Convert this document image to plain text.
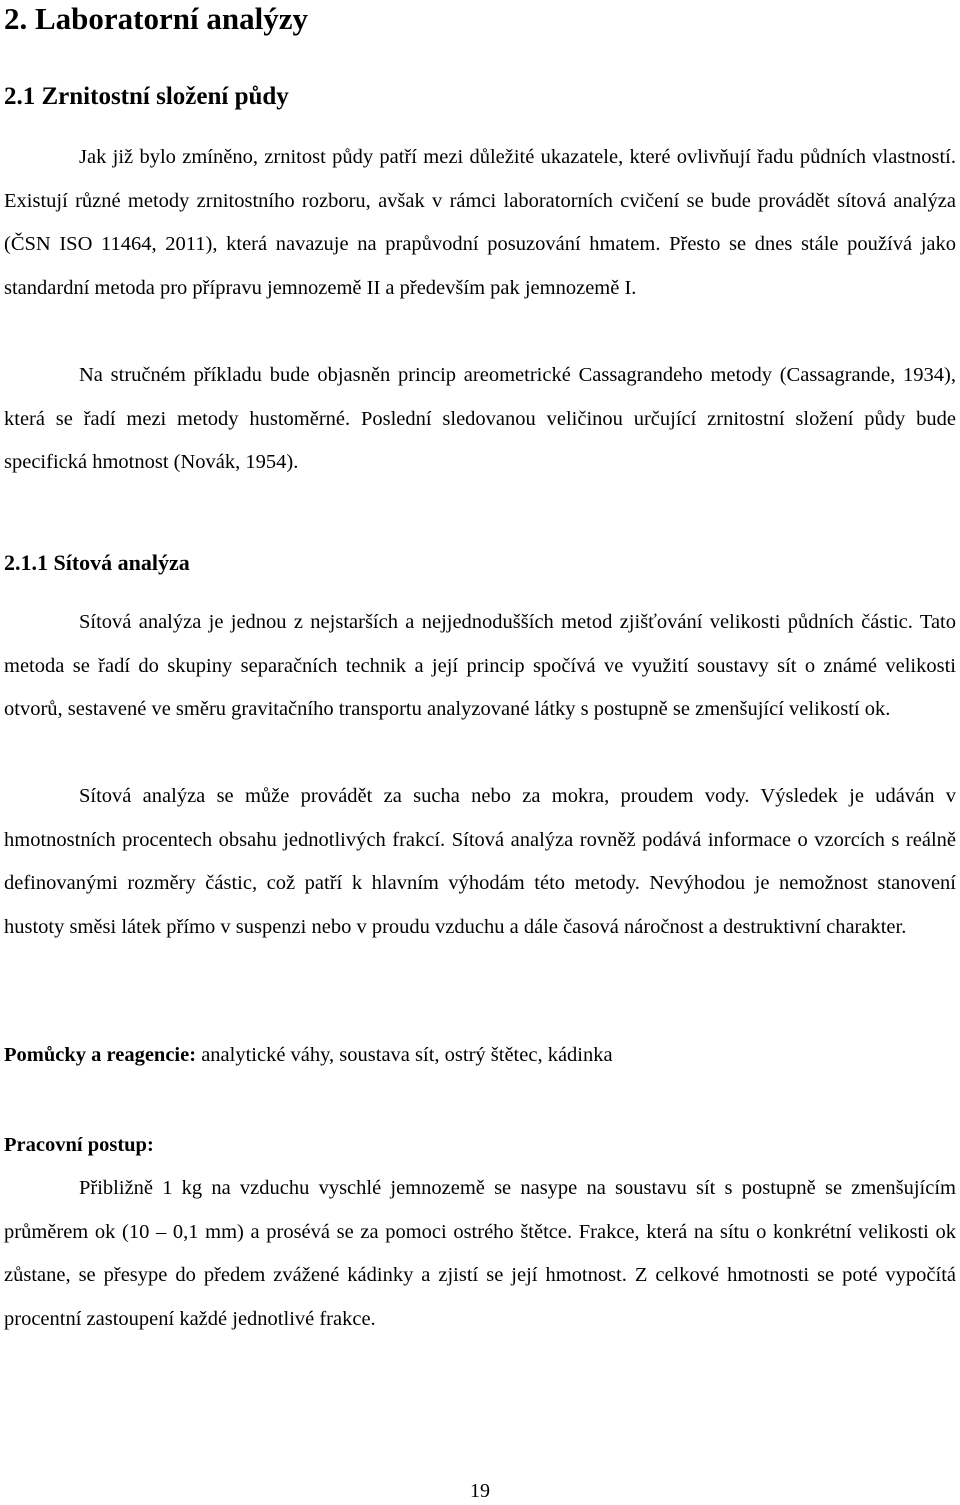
2. Laboratorní analýzy
2.1 Zrnitostní složení půdy

Jak již bylo zmíněno, zrnitost půdy patří mezi důležité ukazatele, které ovlivňují řadu půdních vlastností. Existují různé metody zrnitostního rozboru, avšak v rámci laboratorních cvičení se bude provádět sítová analýza (ČSN ISO 11464, 2011), která navazuje na prapůvodní posuzování hmatem. Přesto se dnes stále používá jako standardní metoda pro přípravu jemnozemě II a především pak jemnozemě I.

Na stručném příkladu bude objasněn princip areometrické Cassagrandeho metody (Cassagrande, 1934), která se řadí mezi metody hustoměrné. Poslední sledovanou veličinou určující zrnitostní složení půdy bude specifická hmotnost (Novák, 1954).

2.1.1 Sítová analýza

Sítová analýza je jednou z nejstarších a nejjednodušších metod zjišťování velikosti půdních částic. Tato metoda se řadí do skupiny separačních technik a její princip spočívá ve využití soustavy sít o známé velikosti otvorů, sestavené ve směru gravitačního transportu analyzované látky s postupně se zmenšující velikostí ok.

Sítová analýza se může provádět za sucha nebo za mokra, proudem vody. Výsledek je udáván v hmotnostních procentech obsahu jednotlivých frakcí. Sítová analýza rovněž podává informace o vzorcích s reálně definovanými rozměry částic, což patří k hlavním výhodám této metody. Nevýhodou je nemožnost stanovení hustoty směsi látek přímo v suspenzi nebo v proudu vzduchu a dále časová náročnost a destruktivní charakter.

Pomůcky a reagencie: analytické váhy, soustava sít, ostrý štětec, kádinka

Pracovní postup:

Přibližně 1 kg na vzduchu vyschlé jemnozemě se nasype na soustavu sít s postupně se zmenšujícím průměrem ok (10 – 0,1 mm) a prosévá se za pomoci ostrého štětce. Frakce, která na sítu o konkrétní velikosti ok zůstane, se přesype do předem zvážené kádinky a zjistí se její hmotnost. Z celkové hmotnosti se poté vypočítá procentní zastoupení každé jednotlivé frakce.

19
